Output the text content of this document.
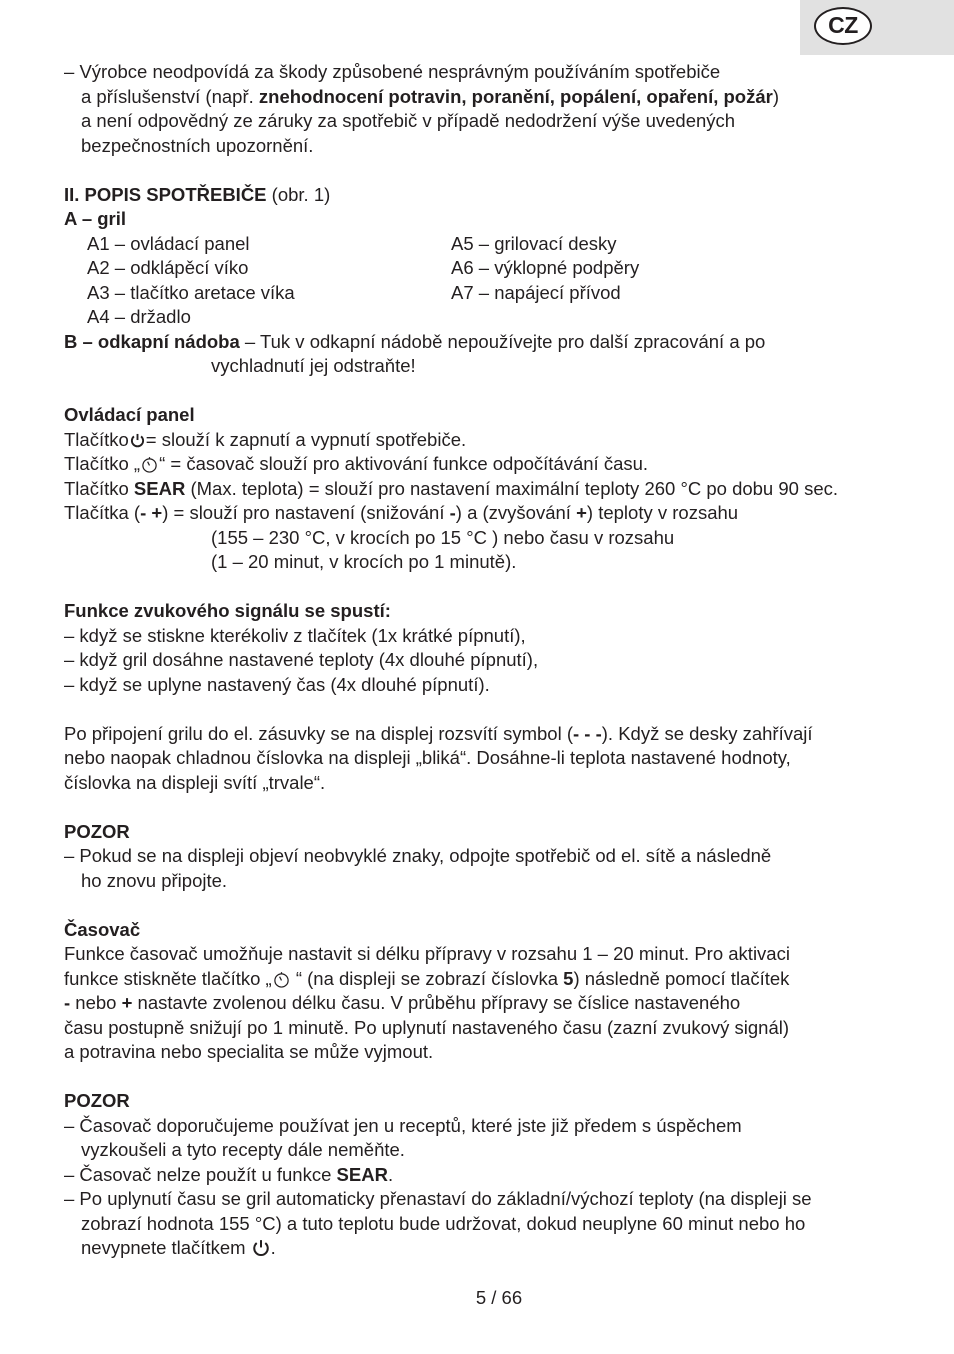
CZ

– Výrobce neodpovídá za škody způsobené nesprávným používáním spotřebiče

a příslušenství (např. znehodnocení potravin, poranění, popálení, opaření, požár)

a není odpovědný ze záruky za spotřebič v případě nedodržení výše uvedených

bezpečnostních upozornění.

II. POPIS SPOTŘEBIČE (obr. 1)

A – gril

A1 – ovládací panel

A2 – odklápěcí víko

A3 – tlačítko aretace víka

A4 – držadlo

A5 – grilovací desky

A6 – výklopné podpěry

A7 – napájecí přívod

B – odkapní nádoba – Tuk v odkapní nádobě nepoužívejte pro další zpracování a po

vychladnutí jej odstraňte!

Ovládací panel

Tlačítko = slouží k zapnutí a vypnutí spotřebiče.

Tlačítko „ “ = časovač slouží pro aktivování funkce odpočítávání času.

Tlačítko SEAR (Max. teplota) = slouží pro nastavení maximální teploty 260 °C po dobu 90 sec.

Tlačítka (- +) = slouží pro nastavení (snižování -) a (zvyšování +) teploty v rozsahu

(155 – 230 °C, v krocích po 15 °C ) nebo času v rozsahu

(1 – 20 minut, v krocích po 1 minutě).

Funkce zvukového signálu se spustí:

– když se stiskne kterékoliv z tlačítek (1x krátké pípnutí),

– když gril dosáhne nastavené teploty (4x dlouhé pípnutí),

– když se uplyne nastavený čas (4x dlouhé pípnutí).

Po připojení grilu do el. zásuvky se na displej rozsvítí symbol (- - -). Když se desky zahřívají

nebo naopak chladnou číslovka na displeji „bliká“. Dosáhne-li teplota nastavené hodnoty,

číslovka na displeji svítí „trvale“.

POZOR

– Pokud se na displeji objeví neobvyklé znaky, odpojte spotřebič od el. sítě a následně

ho znovu připojte.

Časovač

Funkce časovač umožňuje nastavit si délku přípravy v rozsahu 1 – 20 minut. Pro aktivaci

funkce stiskněte tlačítko „ “ (na displeji se zobrazí číslovka 5) následně pomocí tlačítek

- nebo + nastavte zvolenou délku času. V průběhu přípravy se číslice nastaveného

času postupně snižují po 1 minutě. Po uplynutí nastaveného času (zazní zvukový signál)

a potravina nebo specialita se může vyjmout.

POZOR

– Časovač doporučujeme používat jen u receptů, které jste již předem s úspěchem

vyzkoušeli a tyto recepty dále neměňte.

– Časovač nelze použít u funkce SEAR.

– Po uplynutí času se gril automaticky přenastaví do základní/výchozí teploty (na displeji se

zobrazí hodnota 155 °C) a tuto teplotu bude udržovat, dokud neuplyne 60 minut nebo ho

nevypnete tlačítkem .

5 / 66
